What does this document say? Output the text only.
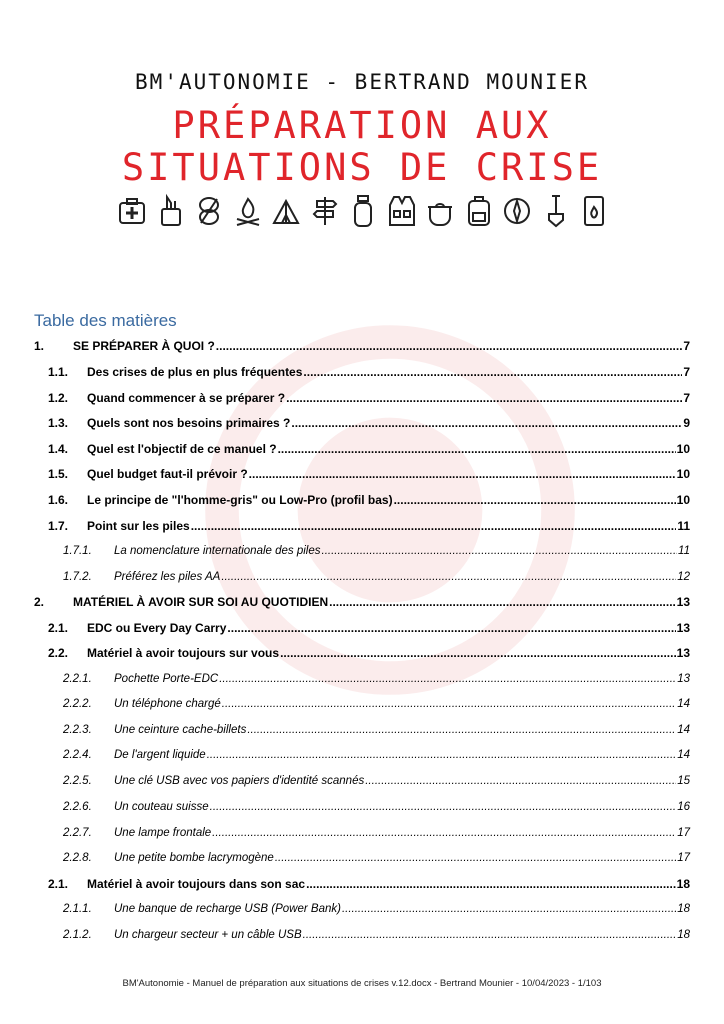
BM'AUTONOMIE - BERTRAND MOUNIER
PRÉPARATION AUX
SITUATIONS DE CRISE
Table des matières
1.	SE PRÉPARER À QUOI ? .....	7
1.1.	Des crises de plus en plus fréquentes .....	7
1.2.	Quand commencer à se préparer ? .....	7
1.3.	Quels sont nos besoins primaires ? .....	9
1.4.	Quel est l'objectif de ce manuel ? .....	10
1.5.	Quel budget faut-il prévoir ? .....	10
1.6.	Le principe de "l'homme-gris" ou Low-Pro (profil bas) .....	10
1.7.	Point sur les piles .....	11
1.7.1.	La nomenclature internationale des piles .....	11
1.7.2.	Préférez les piles AA .....	12
2.	MATÉRIEL À AVOIR SUR SOI AU QUOTIDIEN .....	13
2.1.	EDC ou Every Day Carry .....	13
2.2.	Matériel à avoir toujours sur vous .....	13
2.2.1.	Pochette Porte-EDC .....	13
2.2.2.	Un téléphone chargé .....	14
2.2.3.	Une ceinture cache-billets .....	14
2.2.4.	De l'argent liquide .....	14
2.2.5.	Une clé USB avec vos papiers d'identité scannés .....	15
2.2.6.	Un couteau suisse .....	16
2.2.7.	Une lampe frontale .....	17
2.2.8.	Une petite bombe lacrymogène .....	17
2.1.	Matériel à avoir toujours dans son sac .....	18
2.1.1.	Une banque de recharge USB (Power Bank) .....	18
2.1.2.	Un chargeur secteur + un câble USB .....	18
BM'Autonomie - Manuel de préparation aux situations de crises v.12.docx - Bertrand Mounier - 10/04/2023 - 1/103
